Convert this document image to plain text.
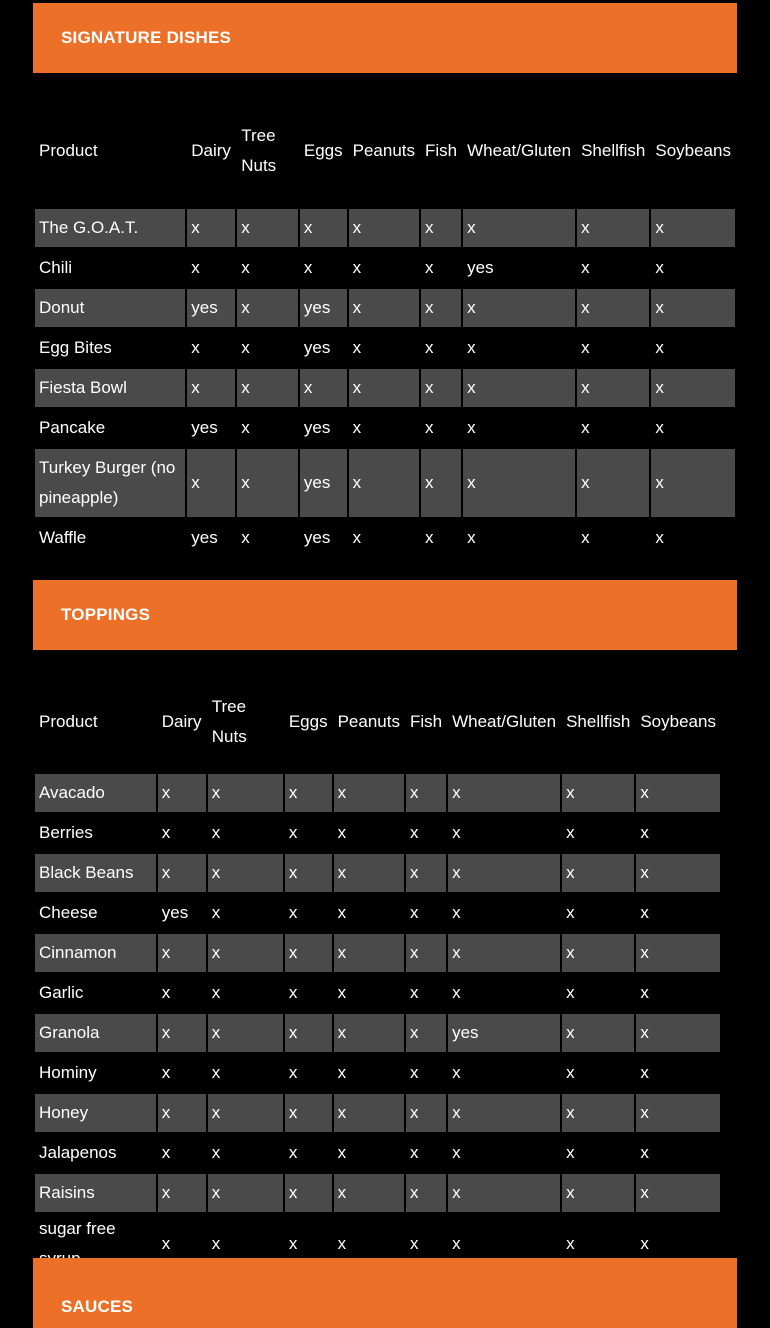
SIGNATURE DISHES
Product	Dairy	Tree Nuts	Eggs	Peanuts	Fish	Wheat/Gluten	Shellfish	Soybeans

The G.O.A.T.	x	x	x	x	x	x	x	x
Chili	x	x	x	x	x	yes	x	x
Donut	yes	x	yes	x	x	x	x	x
Egg Bites	x	x	yes	x	x	x	x	x
Fiesta Bowl	x	x	x	x	x	x	x	x
Pancake	yes	x	yes	x	x	x	x	x
Turkey Burger (no pineapple)	x	x	yes	x	x	x	x	x
Waffle	yes	x	yes	x	x	x	x	x
TOPPINGS
Product	Dairy	Tree Nuts	Eggs	Peanuts	Fish	Wheat/Gluten	Shellfish	Soybeans

Avacado	x	x	x	x	x	x	x	x
Berries	x	x	x	x	x	x	x	x
Black Beans	x	x	x	x	x	x	x	x
Cheese	yes	x	x	x	x	x	x	x
Cinnamon	x	x	x	x	x	x	x	x
Garlic	x	x	x	x	x	x	x	x
Granola	x	x	x	x	x	yes	x	x
Hominy	x	x	x	x	x	x	x	x
Honey	x	x	x	x	x	x	x	x
Jalapenos	x	x	x	x	x	x	x	x
Raisins	x	x	x	x	x	x	x	x
sugar free	x	x	x	x	x	x	x	x
SAUCES
